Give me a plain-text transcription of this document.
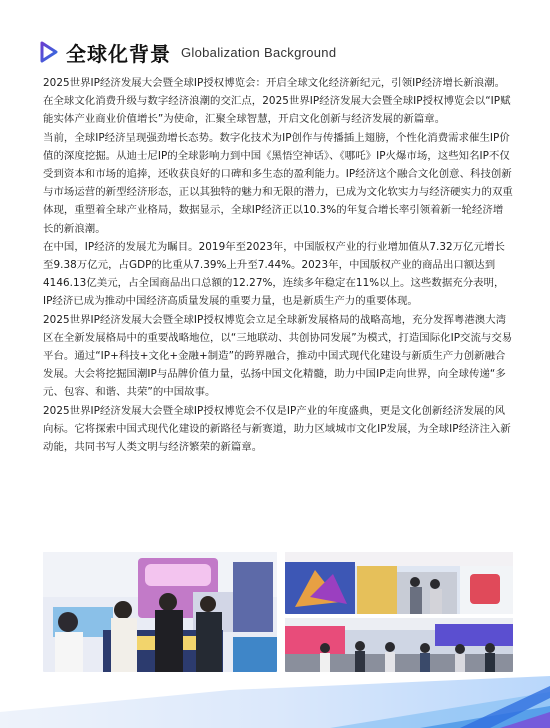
全球化背景 Globalization Background

2025世界IP经济发展大会暨全球IP授权博览会：开启全球文化经济新纪元，引领IP经济增长新浪潮。

在全球文化消费升级与数字经济浪潮的交汇点，2025世界IP经济发展大会暨全球IP授权博览会以“IP赋能实体产业商业价值增长”为使命，汇聚全球智慧，开启文化创新与经济发展的新篇章。

当前，全球IP经济呈现强劲增长态势。数字化技术为IP创作与传播插上翅膀，个性化消费需求催生IP价值的深度挖掘。从迪士尼IP的全球影响力到中国《黑悟空神话》、《哪吒》IP火爆市场，这些知名IP不仅受到资本和市场的追捧，还收获良好的口碑和多生态的盈利能力。IP经济这个融合文化创意、科技创新与市场运营的新型经济形态，正以其独特的魅力和无限的潜力，已成为文化软实力与经济硬实力的双重体现，重塑着全球产业格局，数据显示，全球IP经济正以10.3%的年复合增长率引领着新一轮经济增长的新浪潮。

在中国，IP经济的发展尤为瞩目。2019年至2023年，中国版权产业的行业增加值从7.32万亿元增长至9.38万亿元，占GDP的比重从7.39%上升至7.44%。2023年，中国版权产业的商品出口额达到4146.13亿美元，占全国商品出口总额的12.27%，连续多年稳定在11%以上。这些数据充分表明，IP经济已成为推动中国经济高质量发展的重要力量，也是新质生产力的重要体现。

2025世界IP经济发展大会暨全球IP授权博览会立足全球新发展格局的战略高地，充分发挥粤港澳大湾区在全新发展格局中的重要战略地位，以“三地联动、共创协同发展”为模式，打造国际化IP交流与交易平台。通过“IP+科技+文化+金融+制造”的跨界融合，推动中国式现代化建设与新质生产力创新融合发展。大会将挖掘国潮IP与品牌价值力量，弘扬中国文化精髓，助力中国IP走向世界，向全球传递“多元、包容、和谐、共荣”的中国故事。

2025世界IP经济发展大会暨全球IP授权博览会不仅是IP产业的年度盛典，更是文化创新经济发展的风向标。它将探索中国式现代化建设的新路径与新赛道，助力区域城市文化IP发展，为全球IP经济注入新动能，共同书写人类文明与经济繁荣的新篇章。
